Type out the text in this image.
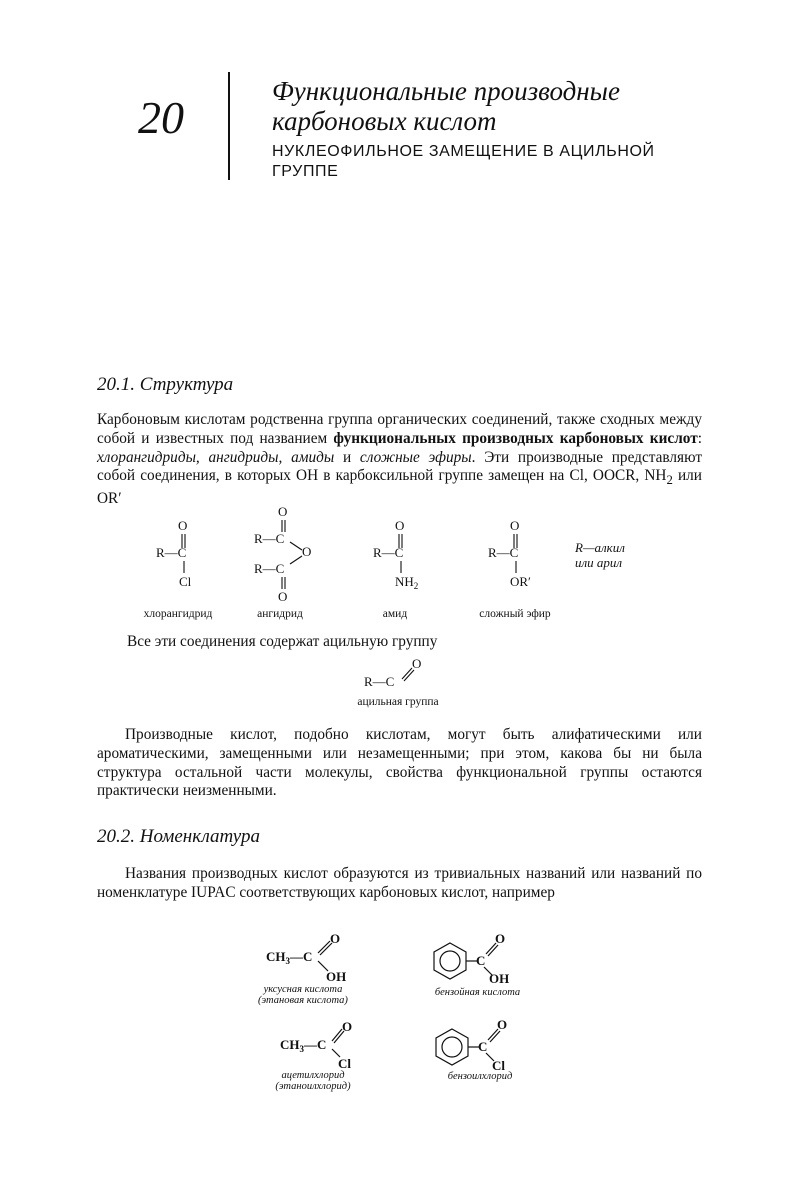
20
Функциональные производные карбоновых кислот
НУКЛЕОФИЛЬНОЕ ЗАМЕЩЕНИЕ В АЦИЛЬНОЙ ГРУППЕ
20.1. Структура
Карбоновым кислотам родственна группа органических соединений, также сходных между собой и известных под названием функциональных производных карбоновых кислот: хлорангидриды, ангидриды, амиды и сложные эфиры. Эти производные представляют собой соединения, в которых OH в карбоксильной группе замещен на Cl, OOCR, $NH_2$ или OR′
O
R—C
Cl
O
R—C
O
R—C
O
O
R—C
$NH_2$
O
R—C
OR′
R—алкил
или арил
хлорангидрид	ангидрид	амид	сложный эфир
Все эти соединения содержат ацильную группу
R—C
O
ацильная группа
Производные кислот, подобно кислотам, могут быть алифатическими или ароматическими, замещенными или незамещенными; при этом, какова бы ни была структура остальной части молекулы, свойства функциональной группы остаются практически неизменными.
20.2. Номенклатура
Названия производных кислот образуются из тривиальных названий или названий по номенклатуре IUPAC соответствующих карбоновых кислот, например
$CH_3—C$
O
OH
C
O
OH
$CH_3—C$
O
Cl
C
O
Cl
уксусная кислота
(этановая кислота)
бензойная кислота
ацетилхлорид
(этаноилхлорид)
бензоилхлорид
